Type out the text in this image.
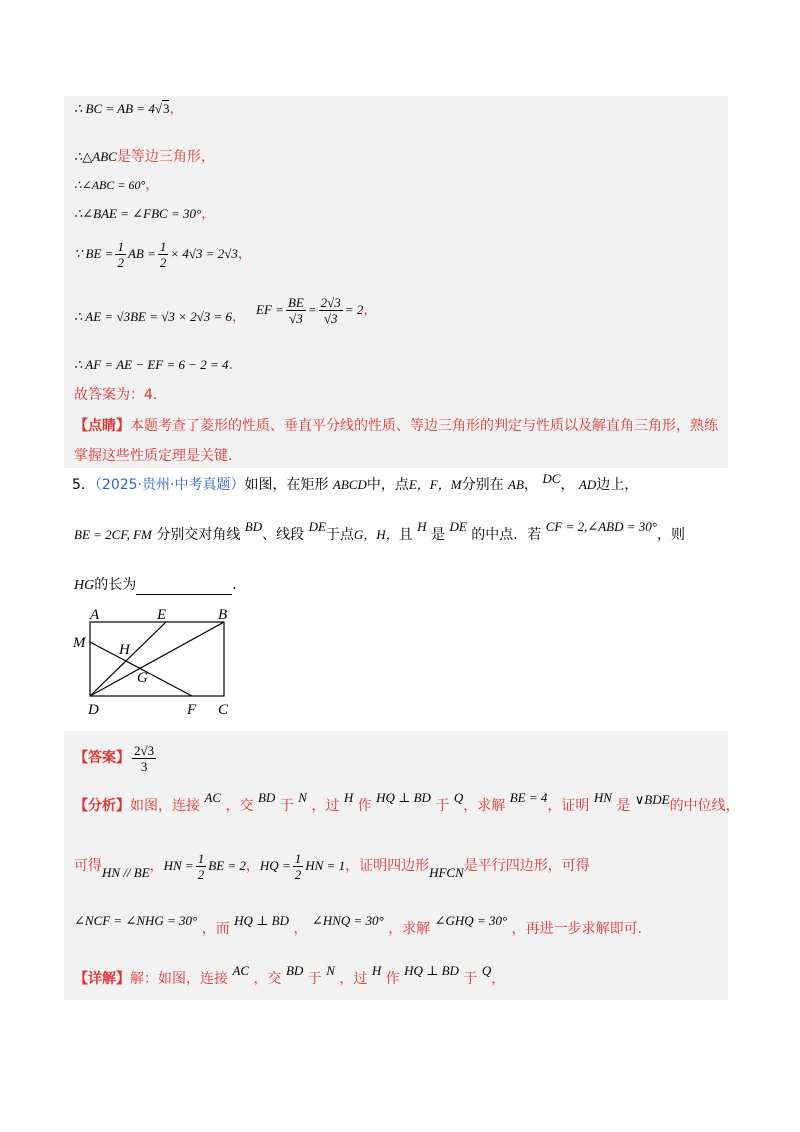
∴ BC = AB = 4√3，
∴△ABC是等边三角形，
∴∠ABC = 60°，
∴∠BAE = ∠FBC = 30°，
∵ BE = $\frac{1}{2}$ AB = $\frac{1}{2} \times 4√3 = 2√3$ ，
∴ AE = √3BE = √3 × 2√3 = 6 ， EF = $\frac{BE}{√3} = \frac{2√3}{√3} = 2$ ，
∴ AF = AE − EF = 6 − 2 = 4．
故答案为：4．
【点睛】本题考查了菱形的性质、垂直平分线的性质、等边三角形的判定与性质以及解直角三角形，熟练
掌握这些性质定理是关键．
5．（2025·贵州·中考真题）如图，在矩形 ABCD中，点E，F，M分别在 AB， DC， AD边上，
BE = 2CF, FM 分别交对角线 BD、线段 DE于点G，H，且 H 是 DE 的中点．若 CF = 2,∠ABD = 30°，则
HG的长为	．
A	E	B
M H
G
D	F C
【答案】 $\frac{2√3}{3}$
【分析】如图，连接 AC ，交 BD 于 N ，过 H 作 HQ ⊥ BD 于 Q，求解 BE = 4，证明 HN 是 ∨BDE的中位线，
可得 HN // BE ， HN = $\frac{1}{2}$ BE = 2 ， HQ = $\frac{1}{2}$ HN = 1 ，证明四边形 HFCN 是平行四边形，可得
∠NCF = ∠NHG = 30° ，而 HQ ⊥ BD ， ∠HNQ = 30° ，求解 ∠GHQ = 30° ，再进一步求解即可.
【详解】解：如图，连接 AC ，交 BD 于 N ，过 H 作 HQ ⊥ BD 于 Q，
